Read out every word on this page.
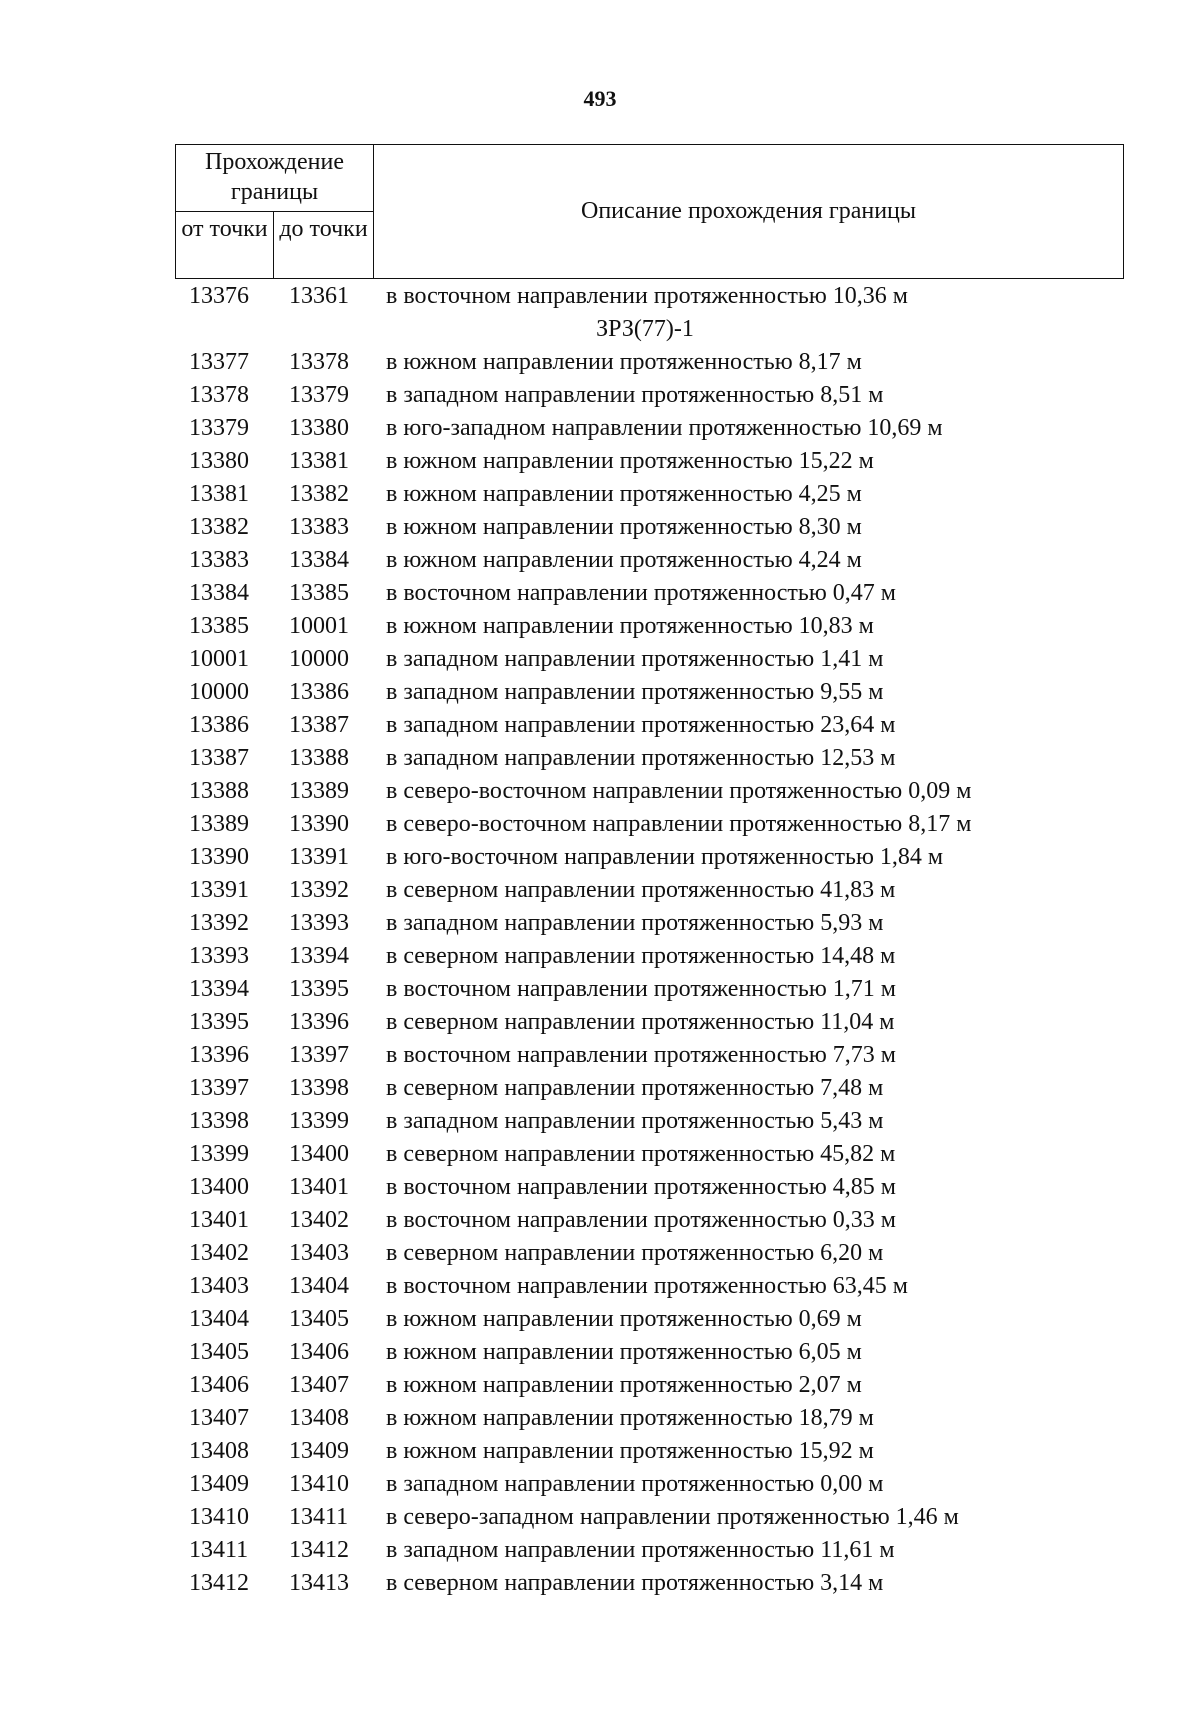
493
Прохождение границы
от точки до точки
Описание прохождения границы
13376 13361 в восточном направлении протяженностью 10,36 м
ЗРЗ(77)-1
13377 13378 в южном направлении протяженностью 8,17 м
13378 13379 в западном направлении протяженностью 8,51 м
13379 13380 в юго-западном направлении протяженностью 10,69 м
13380 13381 в южном направлении протяженностью 15,22 м
13381 13382 в южном направлении протяженностью 4,25 м
13382 13383 в южном направлении протяженностью 8,30 м
13383 13384 в южном направлении протяженностью 4,24 м
13384 13385 в восточном направлении протяженностью 0,47 м
13385 10001 в южном направлении протяженностью 10,83 м
10001 10000 в западном направлении протяженностью 1,41 м
10000 13386 в западном направлении протяженностью 9,55 м
13386 13387 в западном направлении протяженностью 23,64 м
13387 13388 в западном направлении протяженностью 12,53 м
13388 13389 в северо-восточном направлении протяженностью 0,09 м
13389 13390 в северо-восточном направлении протяженностью 8,17 м
13390 13391 в юго-восточном направлении протяженностью 1,84 м
13391 13392 в северном направлении протяженностью 41,83 м
13392 13393 в западном направлении протяженностью 5,93 м
13393 13394 в северном направлении протяженностью 14,48 м
13394 13395 в восточном направлении протяженностью 1,71 м
13395 13396 в северном направлении протяженностью 11,04 м
13396 13397 в восточном направлении протяженностью 7,73 м
13397 13398 в северном направлении протяженностью 7,48 м
13398 13399 в западном направлении протяженностью 5,43 м
13399 13400 в северном направлении протяженностью 45,82 м
13400 13401 в восточном направлении протяженностью 4,85 м
13401 13402 в восточном направлении протяженностью 0,33 м
13402 13403 в северном направлении протяженностью 6,20 м
13403 13404 в восточном направлении протяженностью 63,45 м
13404 13405 в южном направлении протяженностью 0,69 м
13405 13406 в южном направлении протяженностью 6,05 м
13406 13407 в южном направлении протяженностью 2,07 м
13407 13408 в южном направлении протяженностью 18,79 м
13408 13409 в южном направлении протяженностью 15,92 м
13409 13410 в западном направлении протяженностью 0,00 м
13410 13411 в северо-западном направлении протяженностью 1,46 м
13411 13412 в западном направлении протяженностью 11,61 м
13412 13413 в северном направлении протяженностью 3,14 м
